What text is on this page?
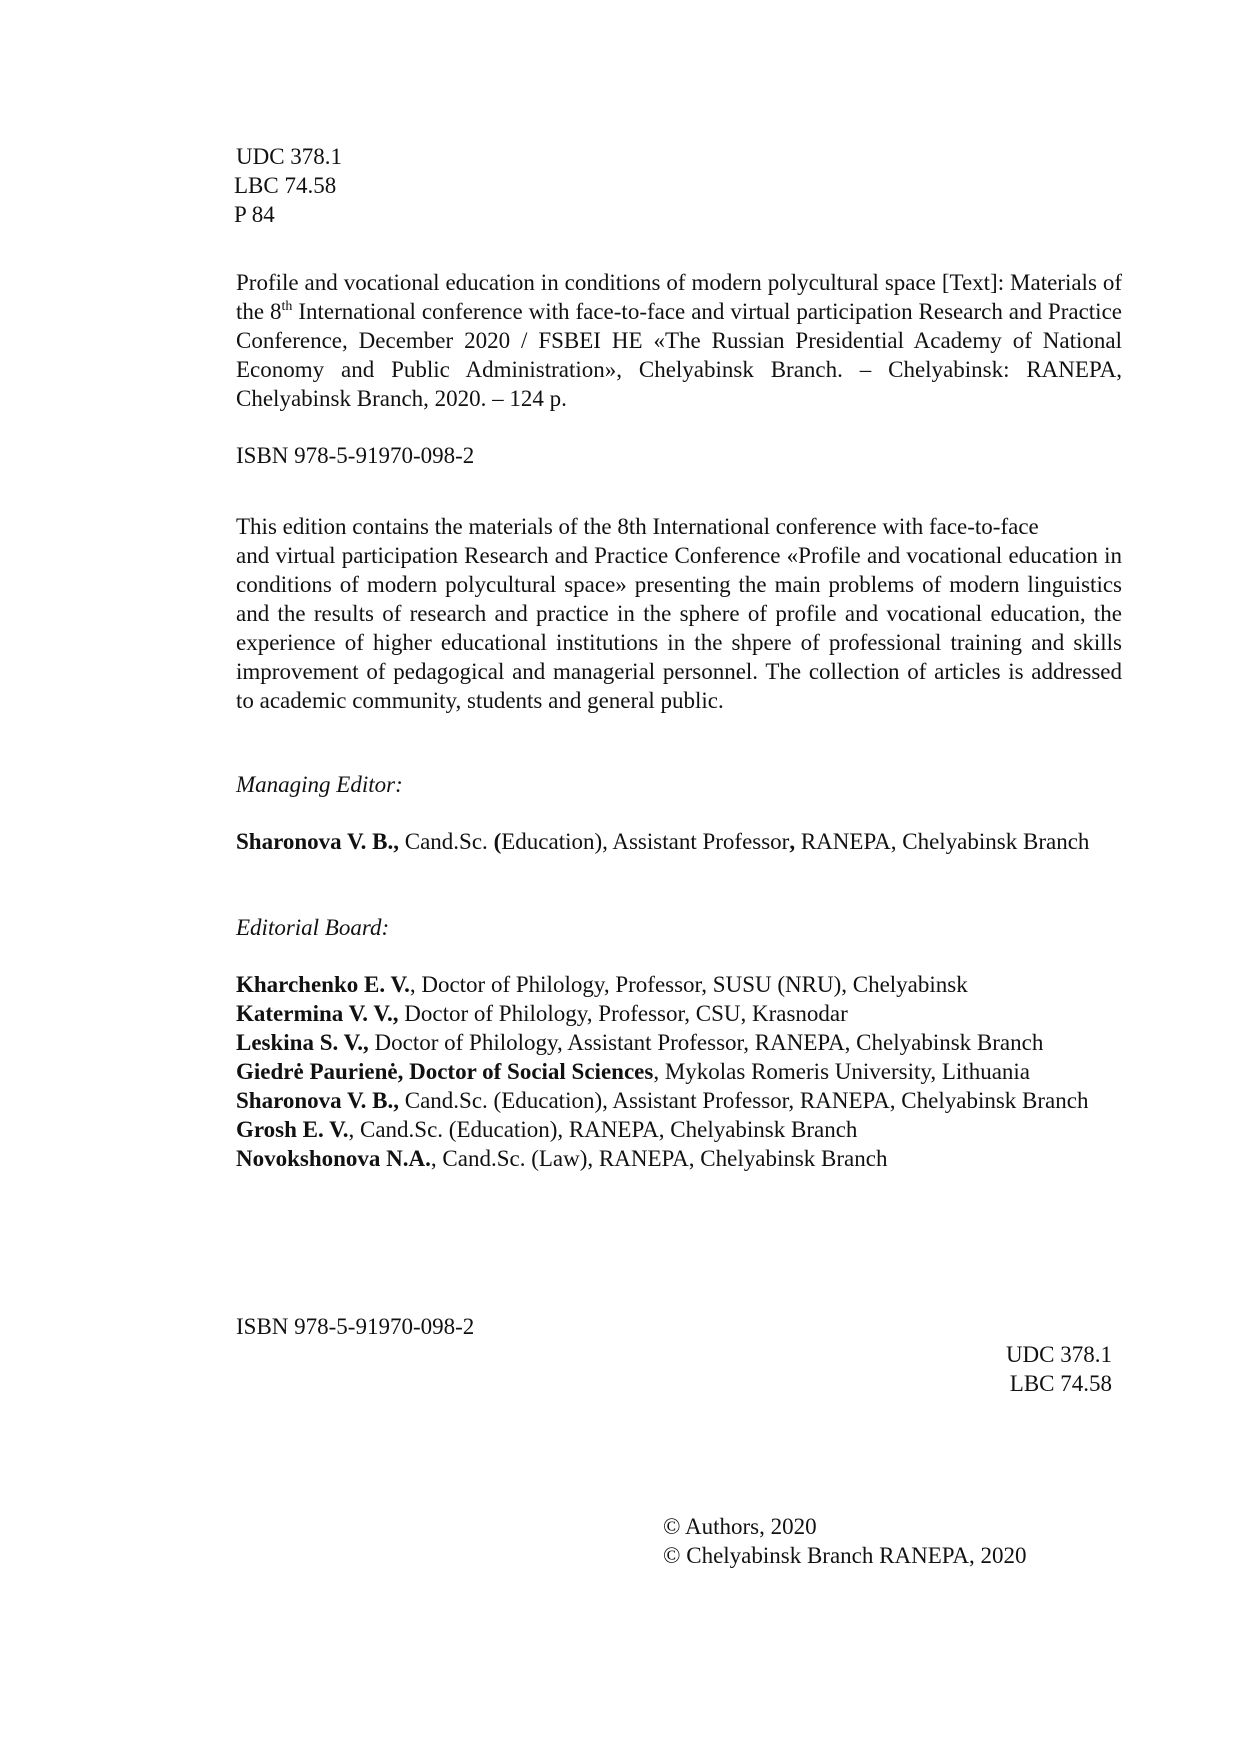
UDC 378.1
LBC 74.58
P 84
Profile and vocational education in conditions of modern polycultural space [Text]: Materials of the 8th International conference with face-to-face and virtual participation Research and Practice Conference, December 2020 / FSBEI HE «The Russian Presidential Academy of National Economy and Public Administration», Chelyabinsk Branch. – Chelyabinsk: RANEPA, Chelyabinsk Branch, 2020. – 124 p.
ISBN 978-5-91970-098-2
This edition contains the materials of the 8th International conference with face-to-face
and virtual participation Research and Practice Conference «Profile and vocational education in conditions of modern polycultural space» presenting the main problems of modern linguistics and the results of research and practice in the sphere of profile and vocational education, the experience of higher educational institutions in the shpere of professional training and skills improvement of pedagogical and managerial personnel. The collection of articles is addressed to academic community, students and general public.
Managing Editor:
Sharonova V. B., Cand.Sc. (Education), Assistant Professor, RANEPA, Chelyabinsk Branch
Editorial Board:
Kharchenko E. V., Doctor of Philology, Professor, SUSU (NRU), Chelyabinsk
Katermina V. V., Doctor of Philology, Professor, CSU, Krasnodar
Leskina S. V., Doctor of Philology, Assistant Professor, RANEPA, Chelyabinsk Branch
Giedrė Paurienė, Doctor of Social Sciences, Mykolas Romeris University, Lithuania
Sharonova V. B., Cand.Sc. (Education), Assistant Professor, RANEPA, Chelyabinsk Branch
Grosh E. V., Cand.Sc. (Education), RANEPA, Chelyabinsk Branch
Novokshonova N.A., Cand.Sc. (Law), RANEPA, Chelyabinsk Branch
ISBN 978-5-91970-098-2
UDC 378.1
LBC 74.58
© Authors, 2020
© Chelyabinsk Branch RANEPA, 2020
